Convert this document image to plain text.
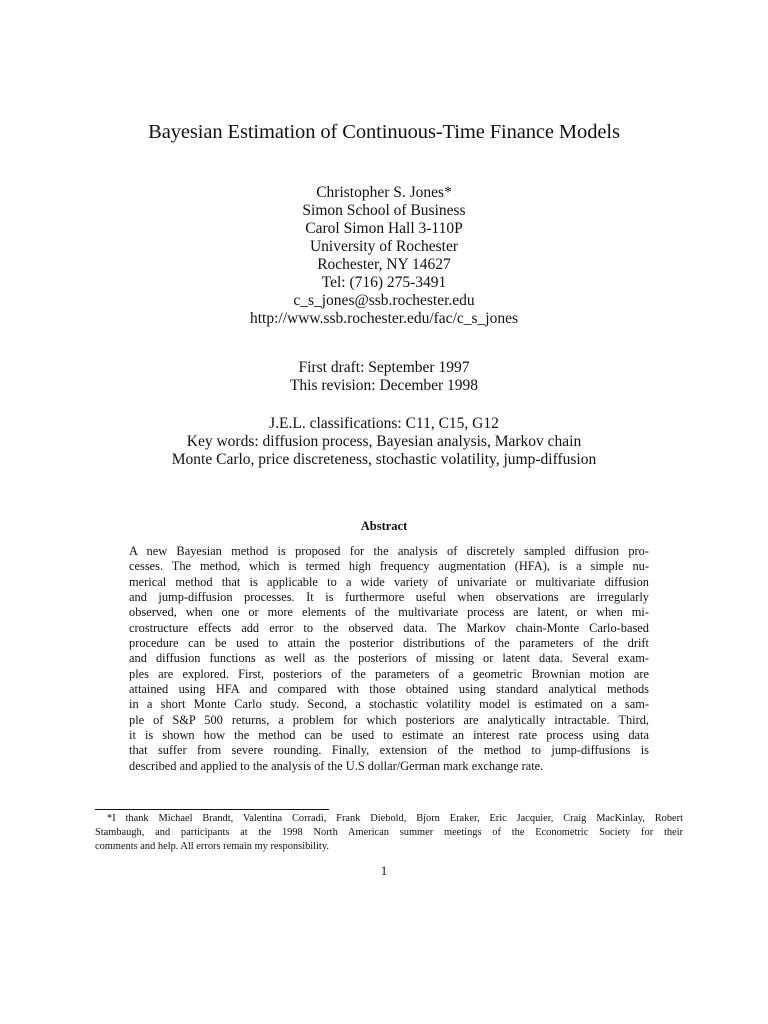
Bayesian Estimation of Continuous-Time Finance Models
Christopher S. Jones*
Simon School of Business
Carol Simon Hall 3-110P
University of Rochester
Rochester, NY 14627
Tel: (716) 275-3491
c_s_jones@ssb.rochester.edu
http://www.ssb.rochester.edu/fac/c_s_jones
First draft: September 1997
This revision: December 1998
J.E.L. classifications: C11, C15, G12
Key words: diffusion process, Bayesian analysis, Markov chain
Monte Carlo, price discreteness, stochastic volatility, jump-diffusion
Abstract
A new Bayesian method is proposed for the analysis of discretely sampled diffusion pro-
cesses. The method, which is termed high frequency augmentation (HFA), is a simple nu-
merical method that is applicable to a wide variety of univariate or multivariate diffusion
and jump-diffusion processes. It is furthermore useful when observations are irregularly
observed, when one or more elements of the multivariate process are latent, or when mi-
crostructure effects add error to the observed data. The Markov chain-Monte Carlo-based
procedure can be used to attain the posterior distributions of the parameters of the drift
and diffusion functions as well as the posteriors of missing or latent data. Several exam-
ples are explored. First, posteriors of the parameters of a geometric Brownian motion are
attained using HFA and compared with those obtained using standard analytical methods
in a short Monte Carlo study. Second, a stochastic volatility model is estimated on a sam-
ple of S&P 500 returns, a problem for which posteriors are analytically intractable. Third,
it is shown how the method can be used to estimate an interest rate process using data
that suffer from severe rounding. Finally, extension of the method to jump-diffusions is
described and applied to the analysis of the U.S dollar/German mark exchange rate.
*I thank Michael Brandt, Valentina Corradi, Frank Diebold, Bjorn Eraker, Eric Jacquier, Craig MacKinlay, Robert
Stambaugh, and participants at the 1998 North American summer meetings of the Econometric Society for their
comments and help. All errors remain my responsibility.
1
